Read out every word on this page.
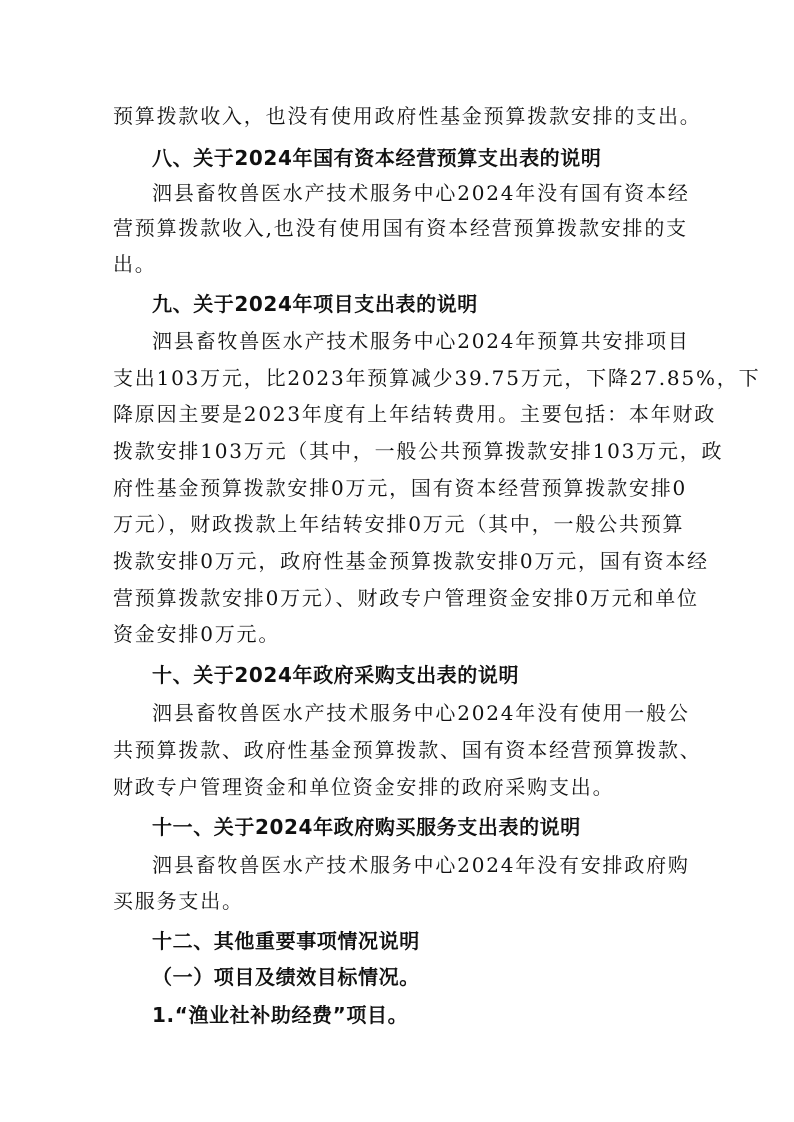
预算拨款收入，也没有使用政府性基金预算拨款安排的支出。
八、关于2024年国有资本经营预算支出表的说明
泗县畜牧兽医水产技术服务中心2024年没有国有资本经
营预算拨款收入,也没有使用国有资本经营预算拨款安排的支
出。
九、关于2024年项目支出表的说明
泗县畜牧兽医水产技术服务中心2024年预算共安排项目
支出103万元，比2023年预算减少39.75万元，下降27.85%，下
降原因主要是2023年度有上年结转费用。主要包括：本年财政
拨款安排103万元（其中，一般公共预算拨款安排103万元，政
府性基金预算拨款安排0万元，国有资本经营预算拨款安排0
万元），财政拨款上年结转安排0万元（其中，一般公共预算
拨款安排0万元，政府性基金预算拨款安排0万元，国有资本经
营预算拨款安排0万元）、财政专户管理资金安排0万元和单位
资金安排0万元。
十、关于2024年政府采购支出表的说明
泗县畜牧兽医水产技术服务中心2024年没有使用一般公
共预算拨款、政府性基金预算拨款、国有资本经营预算拨款、
财政专户管理资金和单位资金安排的政府采购支出。
十一、关于2024年政府购买服务支出表的说明
泗县畜牧兽医水产技术服务中心2024年没有安排政府购
买服务支出。
十二、其他重要事项情况说明
（一）项目及绩效目标情况。
1.“渔业社补助经费”项目。
